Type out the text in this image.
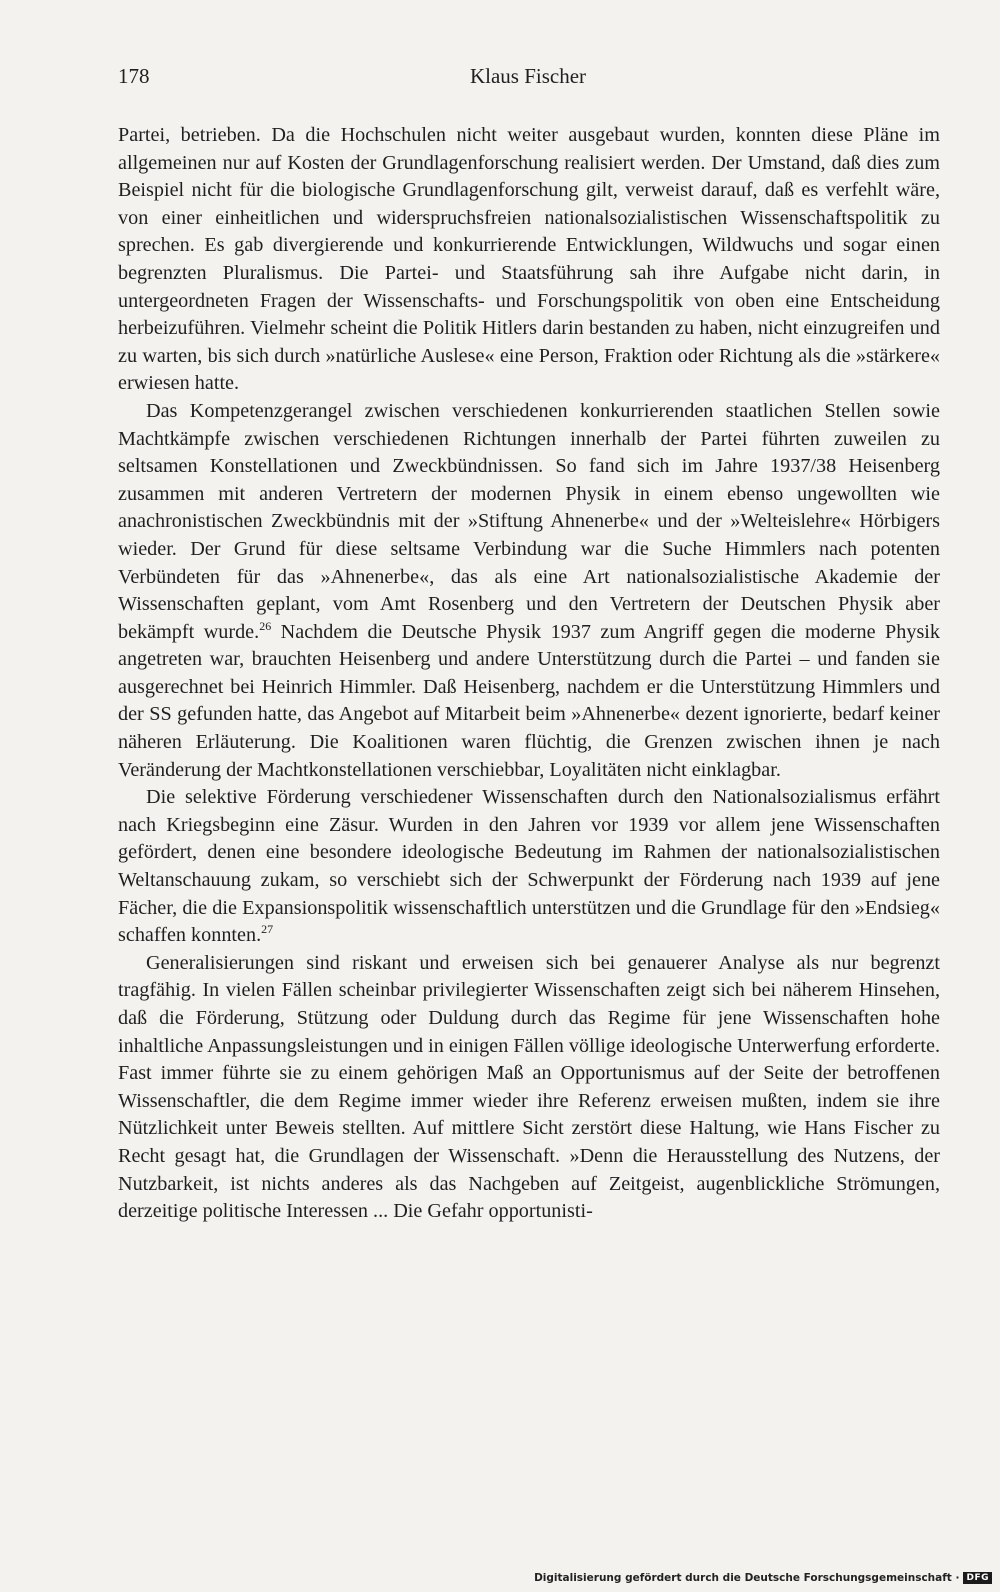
178	Klaus Fischer

Partei, betrieben. Da die Hochschulen nicht weiter ausgebaut wurden, konnten diese Pläne im allgemeinen nur auf Kosten der Grundlagenforschung realisiert werden. Der Umstand, daß dies zum Beispiel nicht für die biologische Grundlagenforschung gilt, verweist darauf, daß es verfehlt wäre, von einer einheitlichen und widerspruchsfreien nationalsozialistischen Wissenschaftspolitik zu sprechen. Es gab divergierende und konkurrierende Entwicklungen, Wildwuchs und sogar einen begrenzten Pluralismus. Die Partei- und Staatsführung sah ihre Aufgabe nicht darin, in untergeordneten Fragen der Wissenschafts- und Forschungspolitik von oben eine Entscheidung herbeizuführen. Vielmehr scheint die Politik Hitlers darin bestanden zu haben, nicht einzugreifen und zu warten, bis sich durch »natürliche Auslese« eine Person, Fraktion oder Richtung als die »stärkere« erwiesen hatte.

Das Kompetenzgerangel zwischen verschiedenen konkurrierenden staatlichen Stellen sowie Machtkämpfe zwischen verschiedenen Richtungen innerhalb der Partei führten zuweilen zu seltsamen Konstellationen und Zweckbündnissen. So fand sich im Jahre 1937/38 Heisenberg zusammen mit anderen Vertretern der modernen Physik in einem ebenso ungewollten wie anachronistischen Zweckbündnis mit der »Stiftung Ahnenerbe« und der »Welteislehre« Hörbigers wieder. Der Grund für diese seltsame Verbindung war die Suche Himmlers nach potenten Verbündeten für das »Ahnenerbe«, das als eine Art nationalsozialistische Akademie der Wissenschaften geplant, vom Amt Rosenberg und den Vertretern der Deutschen Physik aber bekämpft wurde.$^{26}$ Nachdem die Deutsche Physik 1937 zum Angriff gegen die moderne Physik angetreten war, brauchten Heisenberg und andere Unterstützung durch die Partei – und fanden sie ausgerechnet bei Heinrich Himmler. Daß Heisenberg, nachdem er die Unterstützung Himmlers und der SS gefunden hatte, das Angebot auf Mitarbeit beim »Ahnenerbe« dezent ignorierte, bedarf keiner näheren Erläuterung. Die Koalitionen waren flüchtig, die Grenzen zwischen ihnen je nach Veränderung der Machtkonstellationen verschiebbar, Loyalitäten nicht einklagbar.

Die selektive Förderung verschiedener Wissenschaften durch den Nationalsozialismus erfährt nach Kriegsbeginn eine Zäsur. Wurden in den Jahren vor 1939 vor allem jene Wissenschaften gefördert, denen eine besondere ideologische Bedeutung im Rahmen der nationalsozialistischen Weltanschauung zukam, so verschiebt sich der Schwerpunkt der Förderung nach 1939 auf jene Fächer, die die Expansionspolitik wissenschaftlich unterstützen und die Grundlage für den »Endsieg« schaffen konnten.$^{27}$

Generalisierungen sind riskant und erweisen sich bei genauerer Analyse als nur begrenzt tragfähig. In vielen Fällen scheinbar privilegierter Wissenschaften zeigt sich bei näherem Hinsehen, daß die Förderung, Stützung oder Duldung durch das Regime für jene Wissenschaften hohe inhaltliche Anpassungsleistungen und in einigen Fällen völlige ideologische Unterwerfung erforderte. Fast immer führte sie zu einem gehörigen Maß an Opportunismus auf der Seite der betroffenen Wissenschaftler, die dem Regime immer wieder ihre Referenz erweisen mußten, indem sie ihre Nützlichkeit unter Beweis stellten. Auf mittlere Sicht zerstört diese Haltung, wie Hans Fischer zu Recht gesagt hat, die Grundlagen der Wissenschaft. »Denn die Herausstellung des Nutzens, der Nutzbarkeit, ist nichts anderes als das Nachgeben auf Zeitgeist, augenblickliche Strömungen, derzeitige politische Interessen ... Die Gefahr opportunisti-

Digitalisierung gefördert durch die Deutsche Forschungsgemeinschaft · DFG
